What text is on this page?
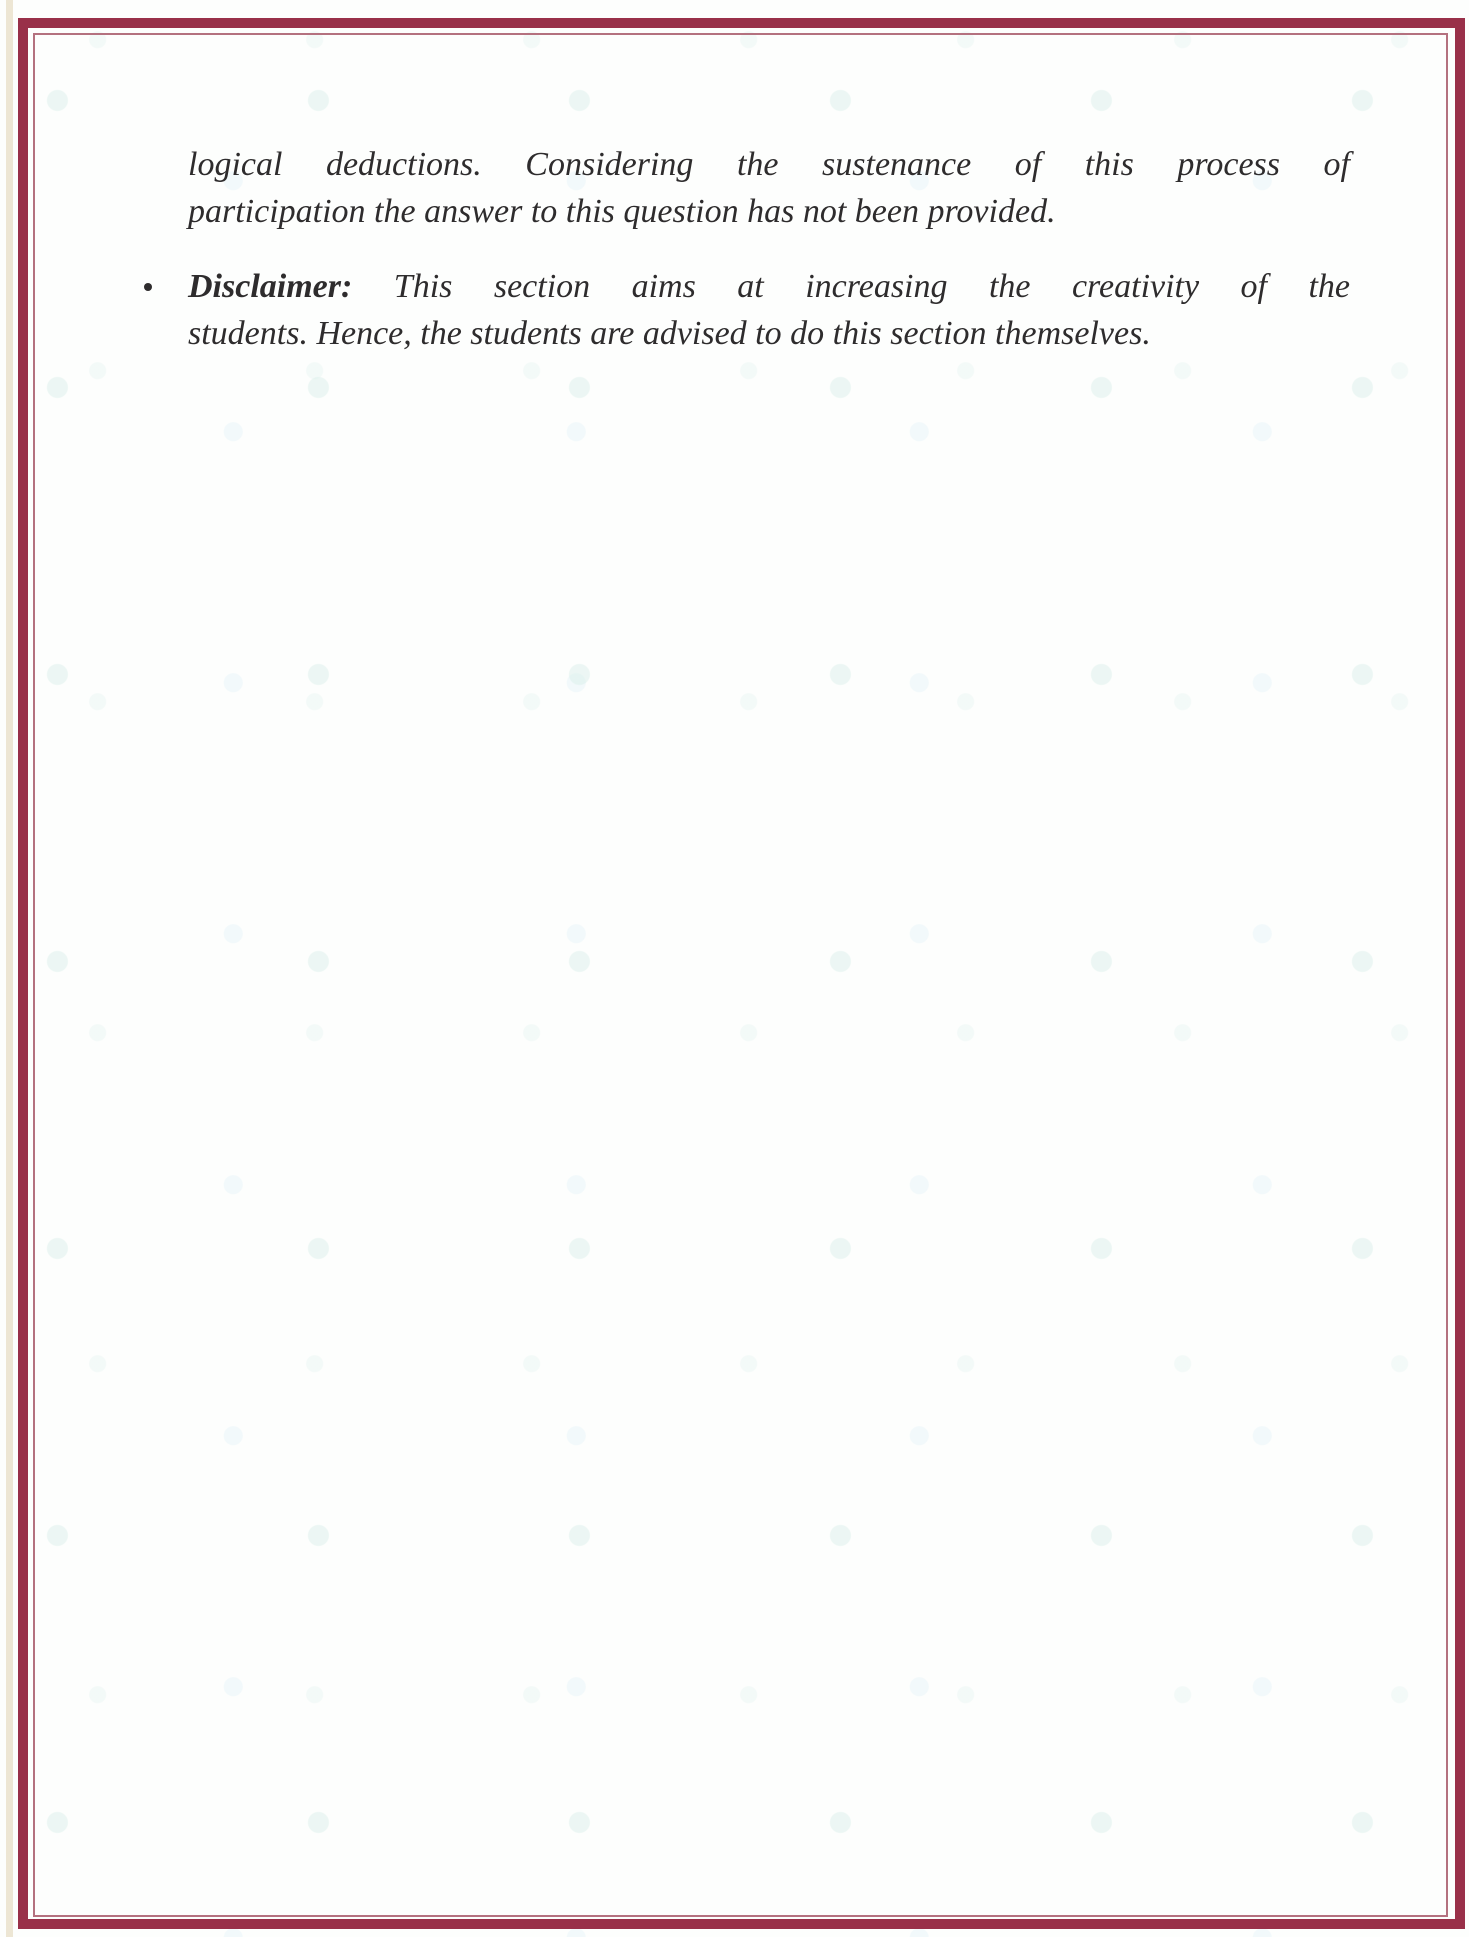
logical deductions. Considering the sustenance of this process of
participation the answer to this question has not been provided.
Disclaimer: This section aims at increasing the creativity of the
students. Hence, the students are advised to do this section themselves.
